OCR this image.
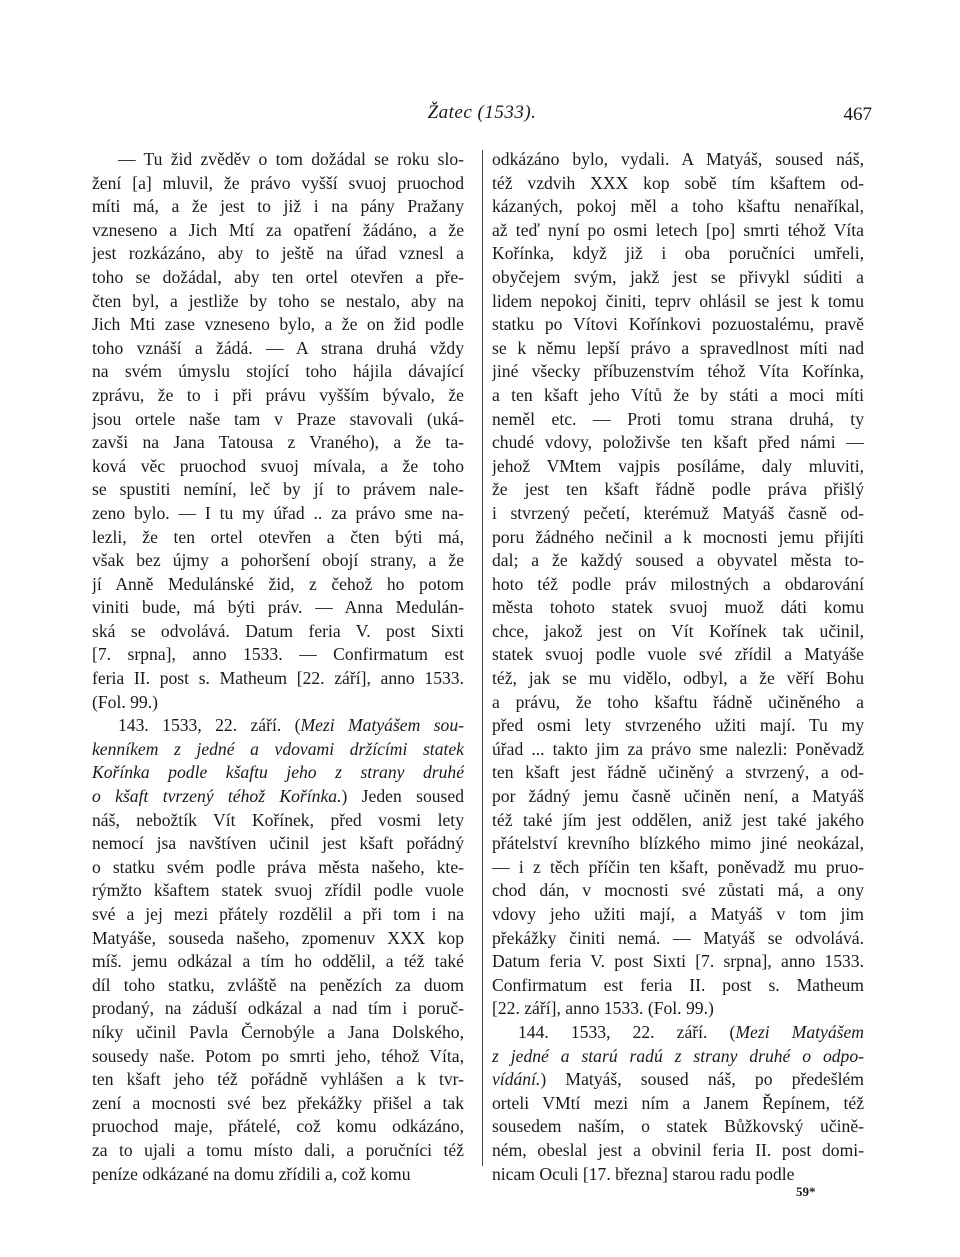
Žatec (1533).	467
— Tu žid zvěděv o tom dožádal se roku slo-
žení [a] mluvil, že právo vyšší svuoj pruochod
míti má, a že jest to již i na pány Pražany
vzneseno a Jich Mtí za opatření žádáno, a že
jest rozkázáno, aby to ještě na úřad vznesl a
toho se dožádal, aby ten ortel otevřen a pře-
čten byl, a jestliže by toho se nestalo, aby na
Jich Mti zase vzneseno bylo, a že on žid podle
toho vznáší a žádá. — A strana druhá vždy
na svém úmyslu stojící toho hájila dávající
zprávu, že to i při právu vyšším bývalo, že
jsou ortele naše tam v Praze stavovali (uká-
zavši na Jana Tatousa z Vraného), a že ta-
ková věc pruochod svuoj mívala, a že toho
se spustiti nemíní, leč by jí to právem nale-
zeno bylo. — I tu my úřad .. za právo sme na-
lezli, že ten ortel otevřen a čten býti má,
však bez újmy a pohoršení obojí strany, a že
jí Anně Medulánské žid, z čehož ho potom
viniti bude, má býti práv. — Anna Medulán-
ská se odvolává. Datum feria V. post Sixti
[7. srpna], anno 1533. — Confirmatum est
feria II. post s. Matheum [22. září], anno 1533.
(Fol. 99.)
143. 1533, 22. září. (Mezi Matyášem sou-
kenníkem z jedné a vdovami držícími statek
Kořínka podle kšaftu jeho z strany druhé
o kšaft tvrzený téhož Kořínka.) Jeden soused
náš, nebožtík Vít Kořínek, před vosmi lety
nemocí jsa navštíven učinil jest kšaft pořádný
o statku svém podle práva města našeho, kte-
rýmžto kšaftem statek svuoj zřídil podle vuole
své a jej mezi přátely rozdělil a při tom i na
Matyáše, souseda našeho, zpomenuv XXX kop
míš. jemu odkázal a tím ho oddělil, a též také
díl toho statku, zvláště na penězích za duom
prodaný, na záduší odkázal a nad tím i poruč-
níky učinil Pavla Černobýle a Jana Dolského,
sousedy naše. Potom po smrti jeho, téhož Víta,
ten kšaft jeho též pořádně vyhlášen a k tvr-
zení a mocnosti své bez překážky přišel a tak
pruochod maje, přátelé, což komu odkázáno,
za to ujali a tomu místo dali, a poručníci též
peníze odkázané na domu zřídili a, což komu
odkázáno bylo, vydali. A Matyáš, soused náš,
též vzdvih XXX kop sobě tím kšaftem od-
kázaných, pokoj měl a toho kšaftu nenaříkal,
až teď nyní po osmi letech [po] smrti téhož Víta
Kořínka, když již i oba poručníci umřeli,
obyčejem svým, jakž jest se přivykl súditi a
lidem nepokoj činiti, teprv ohlásil se jest k tomu
statku po Vítovi Kořínkovi pozuostalému, pravě
se k němu lepší právo a spravedlnost míti nad
jiné všecky příbuzenstvím téhož Víta Kořínka,
a ten kšaft jeho Vítů že by státi a moci míti
neměl etc. — Proti tomu strana druhá, ty
chudé vdovy, položivše ten kšaft před námi —
jehož VMtem vajpis posíláme, daly mluviti,
že jest ten kšaft řádně podle práva přišlý
i stvrzený pečetí, kterémuž Matyáš časně od-
poru žádného nečinil a k mocnosti jemu přijíti
dal; a že každý soused a obyvatel města to-
hoto též podle práv milostných a obdarování
města tohoto statek svuoj muož dáti komu
chce, jakož jest on Vít Kořínek tak učinil,
statek svuoj podle vuole své zřídil a Matyáše
též, jak se mu vidělo, odbyl, a že věří Bohu
a právu, že toho kšaftu řádně učiněného a
před osmi lety stvrzeného užiti mají. Tu my
úřad ... takto jim za právo sme nalezli: Poněvadž
ten kšaft jest řádně učiněný a stvrzený, a od-
por žádný jemu časně učiněn není, a Matyáš
též také jím jest oddělen, aniž jest také jakého
přátelství krevního blízkého mimo jiné neokázal,
— i z těch příčin ten kšaft, poněvadž mu pruo-
chod dán, v mocnosti své zůstati má, a ony
vdovy jeho užiti mají, a Matyáš v tom jim
překážky činiti nemá. — Matyáš se odvolává.
Datum feria V. post Sixti [7. srpna], anno 1533.
Confirmatum est feria II. post s. Matheum
[22. září], anno 1533. (Fol. 99.)
144. 1533, 22. září. (Mezi Matyášem
z jedné a starú radú z strany druhé o odpo-
vídání.) Matyáš, soused náš, po předešlém
orteli VMtí mezi ním a Janem Řepínem, též
sousedem naším, o statek Bůžkovský učině-
ném, obeslal jest a obvinil feria II. post domi-
nicam Oculi [17. března] starou radu podle
59*
